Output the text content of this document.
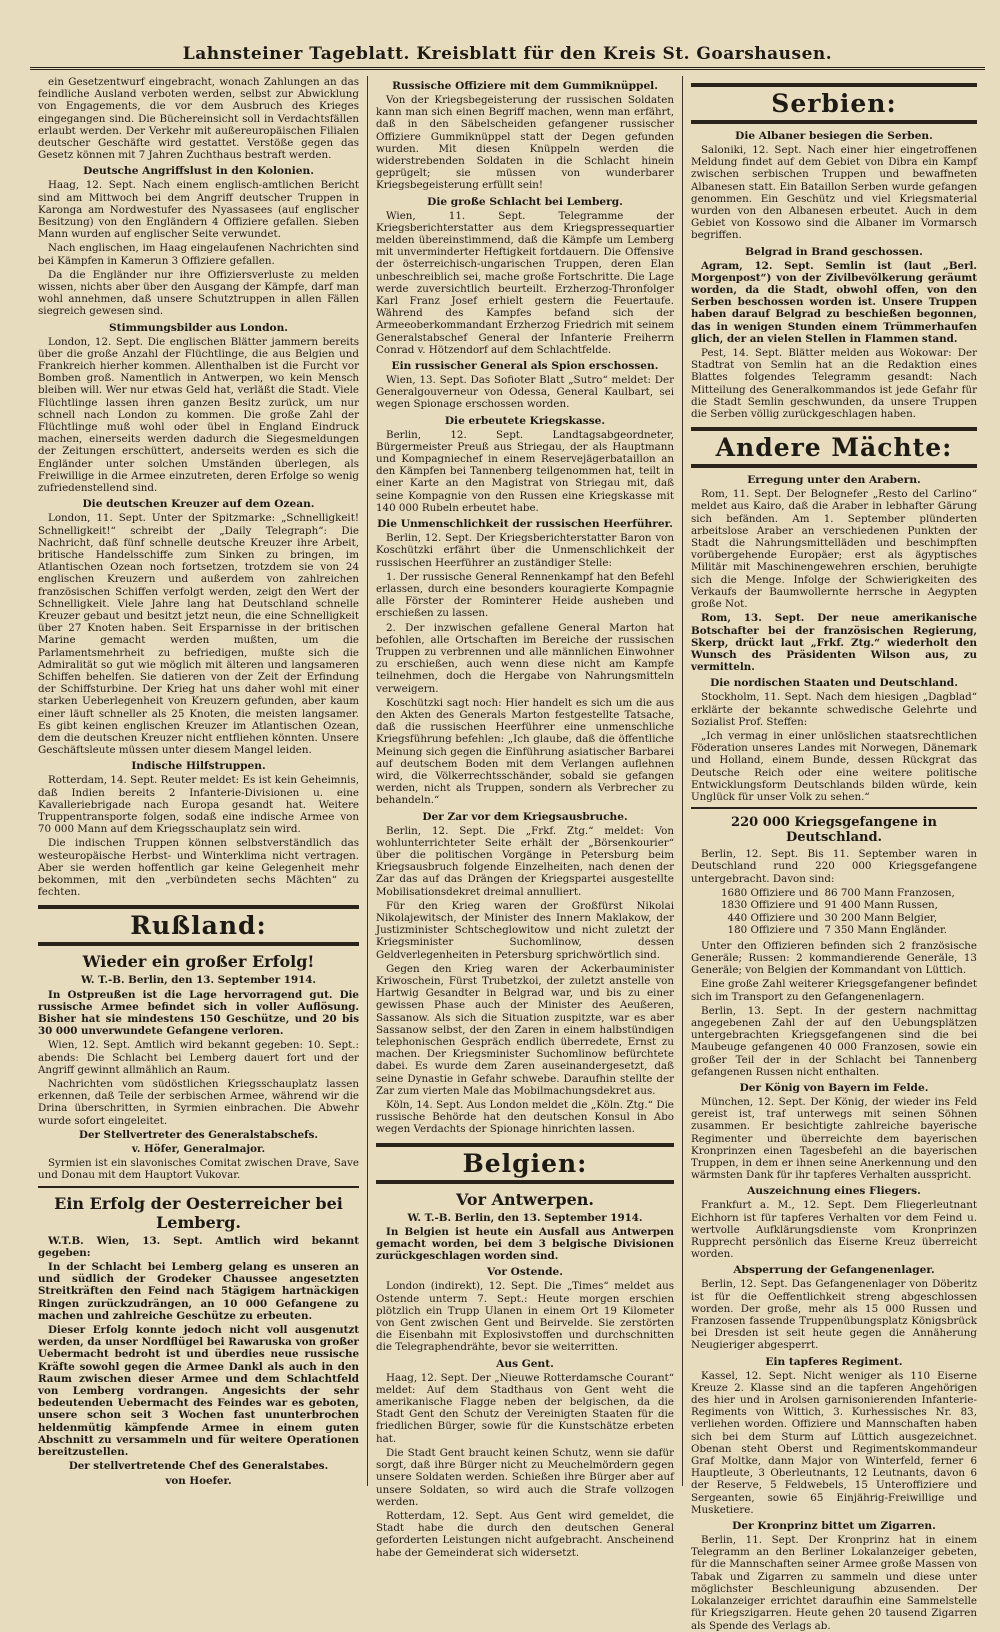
Lahnsteiner Tageblatt. Kreisblatt für den Kreis St. Goarshausen.

ein Gesetzentwurf eingebracht, wonach Zahlungen an das feindliche Ausland verboten werden, selbst zur Abwicklung von Engagements, die vor dem Ausbruch des Krieges eingegangen sind. Die Büchereinsicht soll in Verdachtsfällen erlaubt werden. Der Verkehr mit außereuropäischen Filialen deutscher Geschäfte wird gestattet. Verstöße gegen das Gesetz können mit 7 Jahren Zuchthaus bestraft werden.

Deutsche Angriffslust in den Kolonien.

Haag, 12. Sept. Nach einem englisch-amtlichen Bericht sind am Mittwoch bei dem Angriff deutscher Truppen in Karonga am Nordwestufer des Nyassasees (auf englischer Besitzung) von den Engländern 4 Offiziere gefallen. Sieben Mann wurden auf englischer Seite verwundet.

Nach englischen, im Haag eingelaufenen Nachrichten sind bei Kämpfen in Kamerun 3 Offiziere gefallen.

Da die Engländer nur ihre Offiziersverluste zu melden wissen, nichts aber über den Ausgang der Kämpfe, darf man wohl annehmen, daß unsere Schutztruppen in allen Fällen siegreich gewesen sind.

Stimmungsbilder aus London.

London, 12. Sept. Die englischen Blätter jammern bereits über die große Anzahl der Flüchtlinge, die aus Belgien und Frankreich hierher kommen. Allenthalben ist die Furcht vor Bomben groß. Namentlich in Antwerpen, wo kein Mensch bleiben will. Wer nur etwas Geld hat, verläßt die Stadt. Viele Flüchtlinge lassen ihren ganzen Besitz zurück, um nur schnell nach London zu kommen. Die große Zahl der Flüchtlinge muß wohl oder übel in England Eindruck machen, einerseits werden dadurch die Siegesmeldungen der Zeitungen erschüttert, anderseits werden es sich die Engländer unter solchen Umständen überlegen, als Freiwillige in die Armee einzutreten, deren Erfolge so wenig zufriedenstellend sind.

Die deutschen Kreuzer auf dem Ozean.

London, 11. Sept. Unter der Spitzmarke: „Schnelligkeit! Schnelligkeit!“ schreibt der „Daily Telegraph“: Die Nachricht, daß fünf schnelle deutsche Kreuzer ihre Arbeit, britische Handelsschiffe zum Sinken zu bringen, im Atlantischen Ozean noch fortsetzen, trotzdem sie von 24 englischen Kreuzern und außerdem von zahlreichen französischen Schiffen verfolgt werden, zeigt den Wert der Schnelligkeit. Viele Jahre lang hat Deutschland schnelle Kreuzer gebaut und besitzt jetzt neun, die eine Schnelligkeit über 27 Knoten haben. Seit Ersparnisse in der britischen Marine gemacht werden mußten, um die Parlamentsmehrheit zu befriedigen, mußte sich die Admiralität so gut wie möglich mit älteren und langsameren Schiffen behelfen. Sie datieren von der Zeit der Erfindung der Schiffsturbine. Der Krieg hat uns daher wohl mit einer starken Ueberlegenheit von Kreuzern gefunden, aber kaum einer läuft schneller als 25 Knoten, die meisten langsamer. Es gibt keinen englischen Kreuzer im Atlantischen Ozean, dem die deutschen Kreuzer nicht entfliehen könnten. Unsere Geschäftsleute müssen unter diesem Mangel leiden.

Indische Hilfstruppen.

Rotterdam, 14. Sept. Reuter meldet: Es ist kein Geheimnis, daß Indien bereits 2 Infanterie-Divisionen u. eine Kavalleriebrigade nach Europa gesandt hat. Weitere Truppentransporte folgen, sodaß eine indische Armee von 70 000 Mann auf dem Kriegsschauplatz sein wird.

Die indischen Truppen können selbstverständlich das westeuropäische Herbst- und Winterklima nicht vertragen. Aber sie werden hoffentlich gar keine Gelegenheit mehr bekommen, mit den „verbündeten sechs Mächten“ zu fechten.

Rußland:
Wieder ein großer Erfolg!

W. T.-B. Berlin, den 13. September 1914.

In Ostpreußen ist die Lage hervorragend gut. Die russische Armee befindet sich in voller Auflösung. Bisher hat sie mindestens 150 Geschütze, und 20 bis 30 000 unverwundete Gefangene verloren.

Wien, 12. Sept. Amtlich wird bekannt gegeben: 10. Sept.: abends: Die Schlacht bei Lemberg dauert fort und der Angriff gewinnt allmählich an Raum.

Nachrichten vom südöstlichen Kriegsschauplatz lassen erkennen, daß Teile der serbischen Armee, während wir die Drina überschritten, in Syrmien einbrachen. Die Abwehr wurde sofort eingeleitet.

Der Stellvertreter des Generalstabschefs.

v. Höfer, Generalmajor.

Syrmien ist ein slavonisches Comitat zwischen Drave, Save und Donau mit dem Hauptort Vukovar.

Ein Erfolg der Oesterreicher bei Lemberg.

W.T.B. Wien, 13. Sept. Amtlich wird bekannt gegeben:

In der Schlacht bei Lemberg gelang es unseren an und südlich der Grodeker Chaussee angesetzten Streitkräften den Feind nach 5tägigem hartnäckigen Ringen zurückzudrängen, an 10 000 Gefangene zu machen und zahlreiche Geschütze zu erbeuten.

Dieser Erfolg konnte jedoch nicht voll ausgenutzt werden, da unser Nordflügel bei Rawaruska von großer Uebermacht bedroht ist und überdies neue russische Kräfte sowohl gegen die Armee Dankl als auch in den Raum zwischen dieser Armee und dem Schlachtfeld von Lemberg vordrangen. Angesichts der sehr bedeutenden Uebermacht des Feindes war es geboten, unsere schon seit 3 Wochen fast ununterbrochen heldenmütig kämpfende Armee in einem guten Abschnitt zu versammeln und für weitere Operationen bereitzustellen.

Der stellvertretende Chef des Generalstabes.

von Hoefer.

Russische Offiziere mit dem Gummiknüppel.

Von der Kriegsbegeisterung der russischen Soldaten kann man sich einen Begriff machen, wenn man erfährt, daß in den Säbelscheiden gefangener russischer Offiziere Gummiknüppel statt der Degen gefunden wurden. Mit diesen Knüppeln werden die widerstrebenden Soldaten in die Schlacht hinein geprügelt; sie müssen von wunderbarer Kriegsbegeisterung erfüllt sein!

Die große Schlacht bei Lemberg.

Wien, 11. Sept. Telegramme der Kriegsberichterstatter aus dem Kriegspressequartier melden übereinstimmend, daß die Kämpfe um Lemberg mit unverminderter Heftigkeit fortdauern. Die Offensive der österreichisch-ungarischen Truppen, deren Elan unbeschreiblich sei, mache große Fortschritte. Die Lage werde zuversichtlich beurteilt. Erzherzog-Thronfolger Karl Franz Josef erhielt gestern die Feuertaufe. Während des Kampfes befand sich der Armeeoberkommandant Erzherzog Friedrich mit seinem Generalstabschef General der Infanterie Freiherrn Conrad v. Hötzendorf auf dem Schlachtfelde.

Ein russischer General als Spion erschossen.

Wien, 13. Sept. Das Sofioter Blatt „Sutro“ meldet: Der Generalgouverneur von Odessa, General Kaulbart, sei wegen Spionage erschossen worden.

Die erbeutete Kriegskasse.

Berlin, 12. Sept. Landtagsabgeordneter, Bürgermeister Preuß aus Striegau, der als Hauptmann und Kompagniechef in einem Reservejägerbataillon an den Kämpfen bei Tannenberg teilgenommen hat, teilt in einer Karte an den Magistrat von Striegau mit, daß seine Kompagnie von den Russen eine Kriegskasse mit 140 000 Rubeln erbeutet habe.

Die Unmenschlichkeit der russischen Heerführer.

Berlin, 12. Sept. Der Kriegsberichterstatter Baron von Koschützki erfährt über die Unmenschlichkeit der russischen Heerführer an zuständiger Stelle:

1. Der russische General Rennenkampf hat den Befehl erlassen, durch eine besonders kouragierte Kompagnie alle Förster der Rominterer Heide ausheben und erschießen zu lassen.

2. Der inzwischen gefallene General Marton hat befohlen, alle Ortschaften im Bereiche der russischen Truppen zu verbrennen und alle männlichen Einwohner zu erschießen, auch wenn diese nicht am Kampfe teilnehmen, doch die Hergabe von Nahrungsmitteln verweigern.

Koschützki sagt noch: Hier handelt es sich um die aus den Akten des Generals Marton festgestellte Tatsache, daß die russischen Heerführer eine unmenschliche Kriegsführung befehlen: „Ich glaube, daß die öffentliche Meinung sich gegen die Einführung asiatischer Barbarei auf deutschem Boden mit dem Verlangen auflehnen wird, die Völkerrechtsschänder, sobald sie gefangen werden, nicht als Truppen, sondern als Verbrecher zu behandeln.“

Der Zar vor dem Kriegsausbruche.

Berlin, 12. Sept. Die „Frkf. Ztg.“ meldet: Von wohlunterrichteter Seite erhält der „Börsenkourier“ über die politischen Vorgänge in Petersburg beim Kriegsausbruch folgende Einzelheiten, nach denen der Zar das auf das Drängen der Kriegspartei ausgestellte Mobilisationsdekret dreimal annulliert.

Für den Krieg waren der Großfürst Nikolai Nikolajewitsch, der Minister des Innern Maklakow, der Justizminister Schtscheglowitow und nicht zuletzt der Kriegsminister Suchomlinow, dessen Geldverlegenheiten in Petersburg sprichwörtlich sind.

Gegen den Krieg waren der Ackerbauminister Kriwoschein, Fürst Trubetzkoi, der zuletzt anstelle von Hartwig Gesandter in Belgrad war, und bis zu einer gewissen Phase auch der Minister des Aeußeren, Sassanow. Als sich die Situation zuspitzte, war es aber Sassanow selbst, der den Zaren in einem halbstündigen telephonischen Gespräch endlich überredete, Ernst zu machen. Der Kriegsminister Suchomlinow befürchtete dabei. Es wurde dem Zaren auseinandergesetzt, daß seine Dynastie in Gefahr schwebe. Daraufhin stellte der Zar zum vierten Male das Mobilmachungsdekret aus.

Köln, 14. Sept. Aus London meldet die „Köln. Ztg.“ Die russische Behörde hat den deutschen Konsul in Abo wegen Verdachts der Spionage hinrichten lassen.

Belgien:
Vor Antwerpen.

W. T.-B. Berlin, den 13. September 1914.

In Belgien ist heute ein Ausfall aus Antwerpen gemacht worden, bei dem 3 belgische Divisionen zurückgeschlagen worden sind.

Vor Ostende.

London (indirekt), 12. Sept. Die „Times“ meldet aus Ostende unterm 7. Sept.: Heute morgen erschien plötzlich ein Trupp Ulanen in einem Ort 19 Kilometer von Gent zwischen Gent und Beirvelde. Sie zerstörten die Eisenbahn mit Explosivstoffen und durchschnitten die Telegraphendrähte, bevor sie weiterritten.

Aus Gent.

Haag, 12. Sept. Der „Nieuwe Rotterdamsche Courant“ meldet: Auf dem Stadthaus von Gent weht die amerikanische Flagge neben der belgischen, da die Stadt Gent den Schutz der Vereinigten Staaten für die friedlichen Bürger, sowie für die Kunstschätze erbeten hat.

Die Stadt Gent braucht keinen Schutz, wenn sie dafür sorgt, daß ihre Bürger nicht zu Meuchelmördern gegen unsere Soldaten werden. Schießen ihre Bürger aber auf unsere Soldaten, so wird auch die Strafe vollzogen werden.

Rotterdam, 12. Sept. Aus Gent wird gemeldet, die Stadt habe die durch den deutschen General geforderten Leistungen nicht aufgebracht. Anscheinend habe der Gemeinderat sich widersetzt.

Serbien:
Die Albaner besiegen die Serben.

Saloniki, 12. Sept. Nach einer hier eingetroffenen Meldung findet auf dem Gebiet von Dibra ein Kampf zwischen serbischen Truppen und bewaffneten Albanesen statt. Ein Bataillon Serben wurde gefangen genommen. Ein Geschütz und viel Kriegsmaterial wurden von den Albanesen erbeutet. Auch in dem Gebiet von Kossowo sind die Albaner im Vormarsch begriffen.

Belgrad in Brand geschossen.

Agram, 12. Sept. Semlin ist (laut „Berl. Morgenpost“) von der Zivilbevölkerung geräumt worden, da die Stadt, obwohl offen, von den Serben beschossen worden ist. Unsere Truppen haben darauf Belgrad zu beschießen begonnen, das in wenigen Stunden einem Trümmerhaufen glich, der an vielen Stellen in Flammen stand.

Pest, 14. Sept. Blätter melden aus Wokowar: Der Stadtrat von Semlin hat an die Redaktion eines Blattes folgendes Telegramm gesandt: Nach Mitteilung des Generalkommandos ist jede Gefahr für die Stadt Semlin geschwunden, da unsere Truppen die Serben völlig zurückgeschlagen haben.

Andere Mächte:
Erregung unter den Arabern.

Rom, 11. Sept. Der Belognefer „Resto del Carlino“ meldet aus Kairo, daß die Araber in lebhafter Gärung sich befänden. Am 1. September plünderten arbeitslose Araber an verschiedenen Punkten der Stadt die Nahrungsmittelläden und beschimpften vorübergehende Europäer; erst als ägyptisches Militär mit Maschinengewehren erschien, beruhigte sich die Menge. Infolge der Schwierigkeiten des Verkaufs der Baumwollernte herrsche in Aegypten große Not.

Rom, 13. Sept. Der neue amerikanische Botschafter bei der französischen Regierung, Skerp, drückt laut „Frkf. Ztg.“ wiederholt den Wunsch des Präsidenten Wilson aus, zu vermitteln.

Die nordischen Staaten und Deutschland.

Stockholm, 11. Sept. Nach dem hiesigen „Dagblad“ erklärte der bekannte schwedische Gelehrte und Sozialist Prof. Steffen:

„Ich vermag in einer unlöslichen staatsrechtlichen Föderation unseres Landes mit Norwegen, Dänemark und Holland, einem Bunde, dessen Rückgrat das Deutsche Reich oder eine weitere politische Entwicklungsform Deutschlands bilden würde, kein Unglück für unser Volk zu sehen.“

220 000 Kriegsgefangene in Deutschland.

Berlin, 12. Sept. Bis 11. September waren in Deutschland rund 220 000 Kriegsgefangene untergebracht. Davon sind:

1680 Offiziere und	86 700 Mann Franzosen,
1830 Offiziere und	91 400 Mann Russen,
440 Offiziere und	30 200 Mann Belgier,
180 Offiziere und	7 350 Mann Engländer.

Unter den Offizieren befinden sich 2 französische Generäle; Russen: 2 kommandierende Generäle, 13 Generäle; von Belgien der Kommandant von Lüttich.

Eine große Zahl weiterer Kriegsgefangener befindet sich im Transport zu den Gefangenenlagern.

Berlin, 13. Sept. In der gestern nachmittag angegebenen Zahl der auf den Uebungsplätzen untergebrachten Kriegsgefangenen sind die bei Maubeuge gefangenen 40 000 Franzosen, sowie ein großer Teil der in der Schlacht bei Tannenberg gefangenen Russen nicht enthalten.

Der König von Bayern im Felde.

München, 12. Sept. Der König, der wieder ins Feld gereist ist, traf unterwegs mit seinen Söhnen zusammen. Er besichtigte zahlreiche bayerische Regimenter und überreichte dem bayerischen Kronprinzen einen Tagesbefehl an die bayerischen Truppen, in dem er ihnen seine Anerkennung und den wärmsten Dank für ihr tapferes Verhalten ausspricht.

Auszeichnung eines Fliegers.

Frankfurt a. M., 12. Sept. Dem Fliegerleutnant Eichhorn ist für tapferes Verhalten vor dem Feind u. wertvolle Aufklärungsdienste vom Kronprinzen Rupprecht persönlich das Eiserne Kreuz überreicht worden.

Absperrung der Gefangenenlager.

Berlin, 12. Sept. Das Gefangenenlager von Döberitz ist für die Oeffentlichkeit streng abgeschlossen worden. Der große, mehr als 15 000 Russen und Franzosen fassende Truppenübungsplatz Königsbrück bei Dresden ist seit heute gegen die Annäherung Neugieriger abgesperrt.

Ein tapferes Regiment.

Kassel, 12. Sept. Nicht weniger als 110 Eiserne Kreuze 2. Klasse sind an die tapferen Angehörigen des hier und in Arolsen garnisonierenden Infanterie-Regiments von Wittich, 3. Kurhessisches Nr. 83, verliehen worden. Offiziere und Mannschaften haben sich bei dem Sturm auf Lüttich ausgezeichnet. Obenan steht Oberst und Regimentskommandeur Graf Moltke, dann Major von Winterfeld, ferner 6 Hauptleute, 3 Oberleutnants, 12 Leutnants, davon 6 der Reserve, 5 Feldwebels, 15 Unteroffiziere und Sergeanten, sowie 65 Einjährig-Freiwillige und Musketiere.

Der Kronprinz bittet um Zigarren.

Berlin, 11. Sept. Der Kronprinz hat in einem Telegramm an den Berliner Lokalanzeiger gebeten, für die Mannschaften seiner Armee große Massen von Tabak und Zigarren zu sammeln und diese unter möglichster Beschleunigung abzusenden. Der Lokalanzeiger errichtet daraufhin eine Sammelstelle für Kriegszigarren. Heute gehen 20 tausend Zigarren als Spende des Verlags ab.
